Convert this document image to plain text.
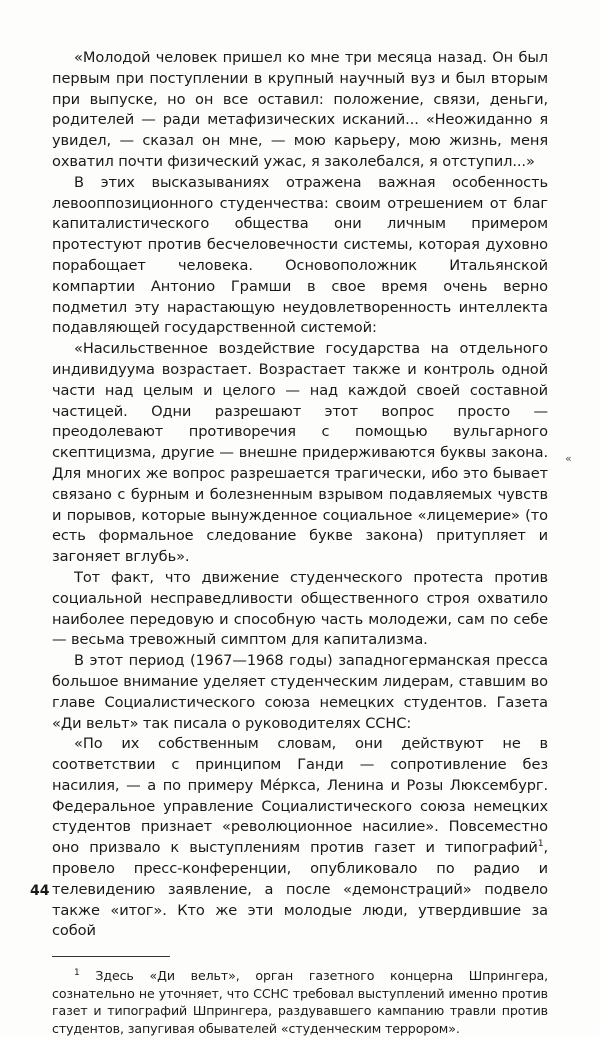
«Молодой человек пришел ко мне три месяца назад. Он был первым при поступлении в крупный научный вуз и был вторым при выпуске, но он все оставил: положение, связи, деньги, родителей — ради метафизических исканий... «Неожиданно я увидел, — сказал он мне, — мою карьеру, мою жизнь, меня охватил почти физический ужас, я заколебался, я отступил...»

В этих высказываниях отражена важная особенность левооппозиционного студенчества: своим отрешением от благ капиталистического общества они личным примером протестуют против бесчеловечности системы, которая духовно порабощает человека. Основоположник Итальянской компартии Антонио Грамши в свое время очень верно подметил эту нарастающую неудовлетворенность интеллекта подавляющей государственной системой:

«Насильственное воздействие государства на отдельного индивидуума возрастает. Возрастает также и контроль одной части над целым и целого — над каждой своей составной частицей. Одни разрешают этот вопрос просто — преодолевают противоречия с помощью вульгарного скептицизма, другие — внешне придерживаются буквы закона. Для многих же вопрос разрешается трагически, ибо это бывает связано с бурным и болезненным взрывом подавляемых чувств и порывов, которые вынужденное социальное «лицемерие» (то есть формальное следование букве закона) притупляет и загоняет вглубь».

Тот факт, что движение студенческого протеста против социальной несправедливости общественного строя охватило наиболее передовую и способную часть молодежи, сам по себе — весьма тревожный симптом для капитализма.

В этот период (1967—1968 годы) западногерманская пресса большое внимание уделяет студенческим лидерам, ставшим во главе Социалистического союза немецких студентов. Газета «Ди вельт» так писала о руководителях ССНС:

«По их собственным словам, они действуют не в соответствии с принципом Ганди — сопротивление без насилия, — а по примеру Мéркса, Ленина и Розы Люксембург. Федеральное управление Социалистического союза немецких студентов признает «революционное насилие». Повсеместно оно призвало к выступлениям против газет и типографий$^1$, провело пресс-конференции, опубликовало по радио и телевидению заявление, а после «демонстраций» подвело также «итог». Кто же эти молодые люди, утвердившие за собой

$^1$ Здесь «Ди вельт», орган газетного концерна Шпрингера, сознательно не уточняет, что ССНС требовал выступлений именно против газет и типографий Шпрингера, раздувавшего кампанию травли против студентов, запугивая обывателей «студенческим террором».

«
44
